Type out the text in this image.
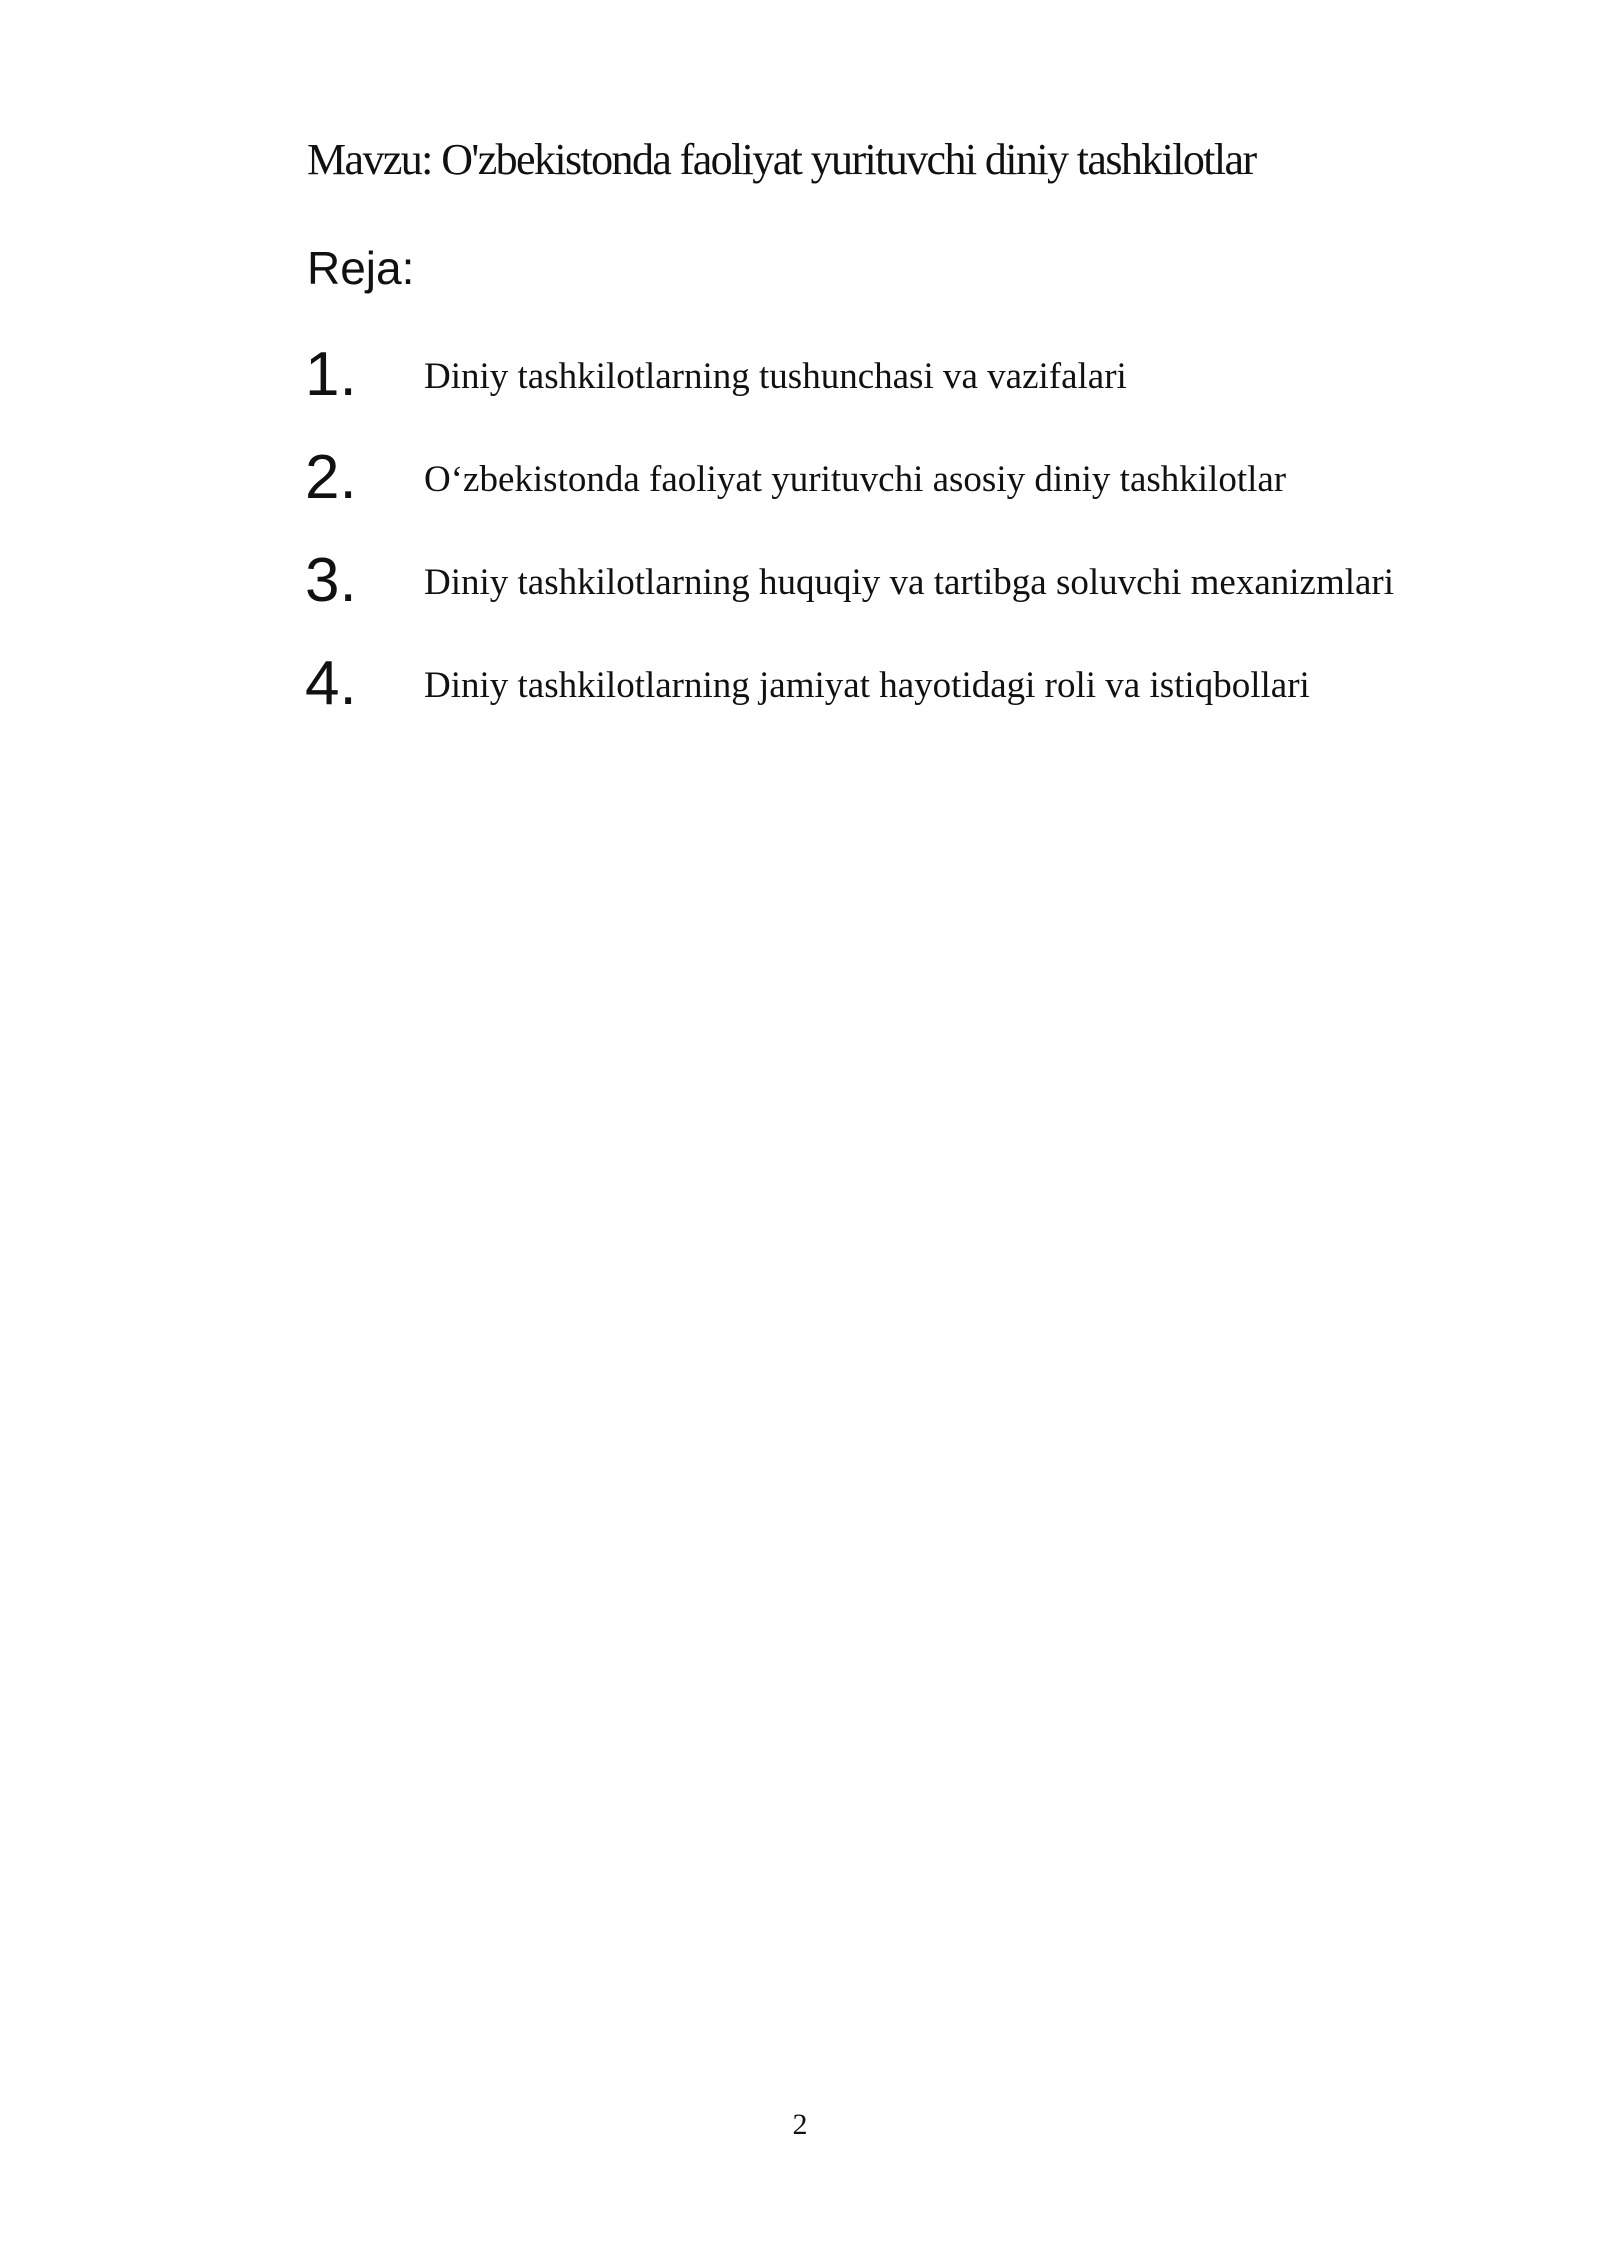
Mavzu: O'zbekistonda faoliyat yurituvchi diniy tashkilotlar
Reja:
1. Diniy tashkilotlarning tushunchasi va vazifalari
2. O‘zbekistonda faoliyat yurituvchi asosiy diniy tashkilotlar
3. Diniy tashkilotlarning huquqiy va tartibga soluvchi mexanizmlari
4. Diniy tashkilotlarning jamiyat hayotidagi roli va istiqbollari
2
